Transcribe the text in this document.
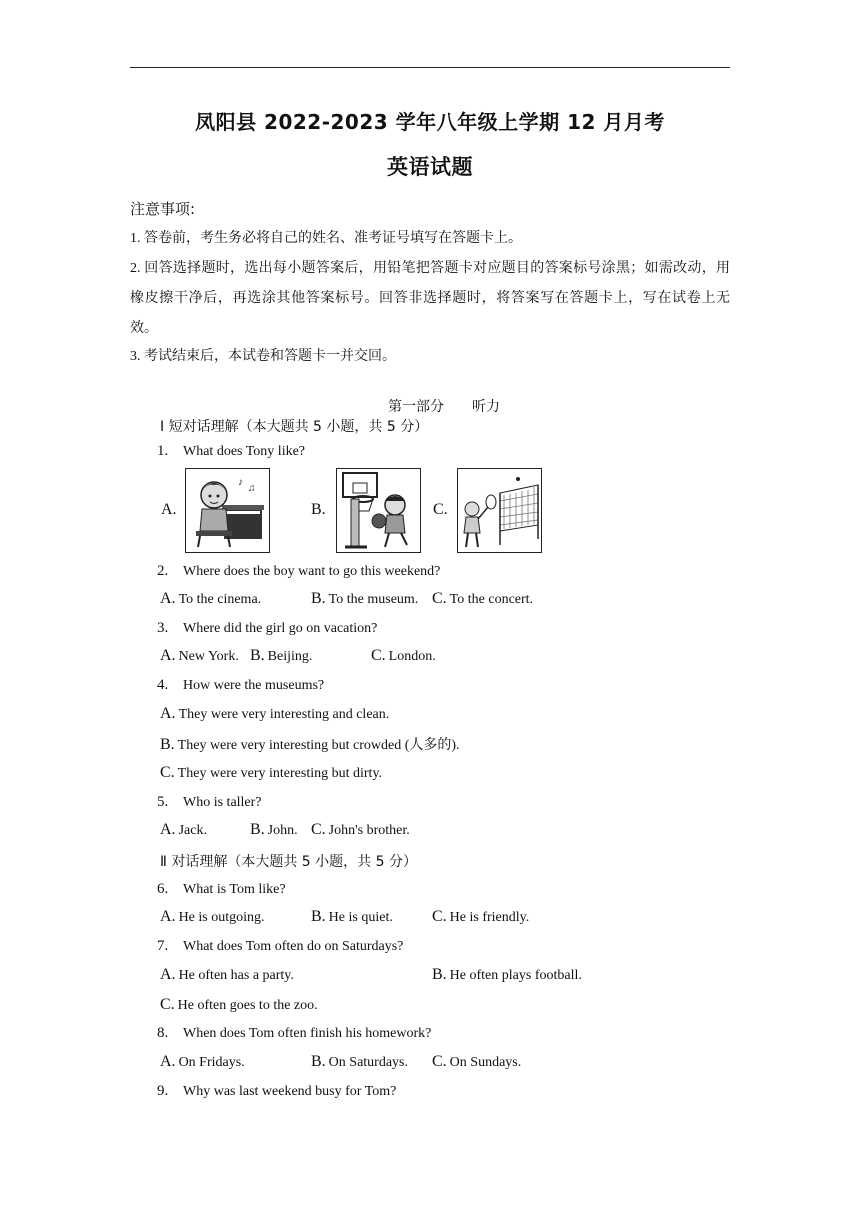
凤阳县 2022-2023 学年八年级上学期 12 月月考
英语试题
注意事项:
1. 答卷前，考生务必将自己的姓名、准考证号填写在答题卡上。
2. 回答选择题时，选出每小题答案后，用铅笔把答题卡对应题目的答案标号涂黑；如需改动，用橡皮擦干净后，再选涂其他答案标号。回答非选择题时，将答案写在答题卡上，写在试卷上无效。
3. 考试结束后，本试卷和答题卡一并交回。
第一部分 听力
Ⅰ 短对话理解（本大题共 5 小题，共 5 分）
1. What does Tony like?
A.
♪
♫
B.	C.
2. Where does the boy want to go this weekend?
A. To the cinema.	B. To the museum. C. To the concert.
3. Where did the girl go on vacation?
A. New York. B. Beijing.	C. London.
4. How were the museums?
A. They were very interesting and clean.
B. They were very interesting but crowded (人多的).
C. They were very interesting but dirty.
5. Who is taller?
A. Jack.	B. John. C. John's brother.
Ⅱ 对话理解（本大题共 5 小题，共 5 分）
6. What is Tom like?
A. He is outgoing.	B. He is quiet. C. He is friendly.
7. What does Tom often do on Saturdays?
A. He often has a party.	B. He often plays football.
C. He often goes to the zoo.
8. When does Tom often finish his homework?
A. On Fridays.	B. On Saturdays. C. On Sundays.
9. Why was last weekend busy for Tom?
